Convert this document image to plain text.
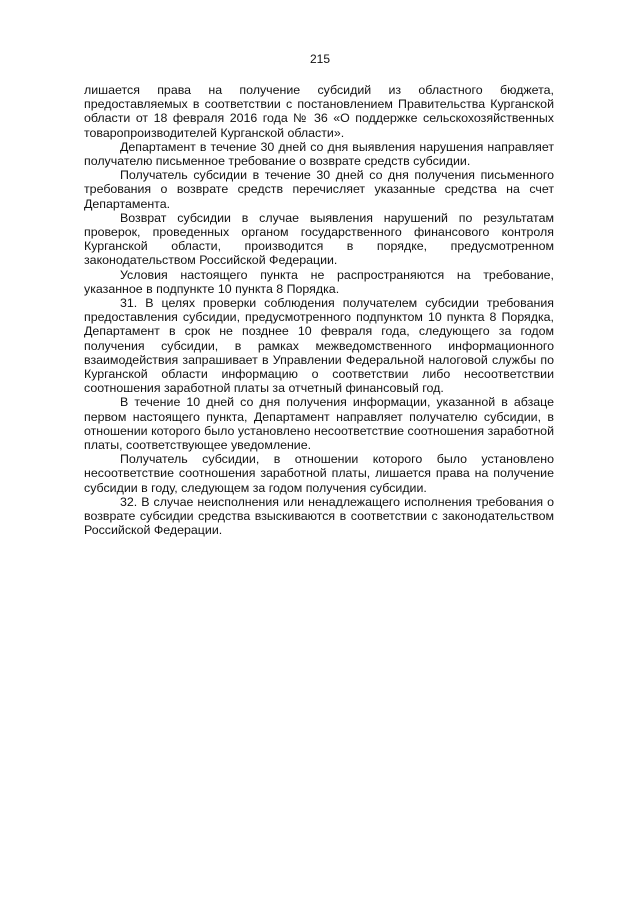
215

лишается права на получение субсидий из областного бюджета, предоставляемых в соответствии с постановлением Правительства Курганской области от 18 февраля 2016 года № 36 «О поддержке сельскохозяйственных товаропроизводителей Курганской области».

Департамент в течение 30 дней со дня выявления нарушения направляет получателю письменное требование о возврате средств субсидии.

Получатель субсидии в течение 30 дней со дня получения письменного требования о возврате средств перечисляет указанные средства на счет Департамента.

Возврат субсидии в случае выявления нарушений по результатам проверок, проведенных органом государственного финансового контроля Курганской области, производится в порядке, предусмотренном законодательством Российской Федерации.

Условия настоящего пункта не распространяются на требование, указанное в подпункте 10 пункта 8 Порядка.

31. В целях проверки соблюдения получателем субсидии требования предоставления субсидии, предусмотренного подпунктом 10 пункта 8 Порядка, Департамент в срок не позднее 10 февраля года, следующего за годом получения субсидии, в рамках межведомственного информационного взаимодействия запрашивает в Управлении Федеральной налоговой службы по Курганской области информацию о соответствии либо несоответствии соотношения заработной платы за отчетный финансовый год.

В течение 10 дней со дня получения информации, указанной в абзаце первом настоящего пункта, Департамент направляет получателю субсидии, в отношении которого было установлено несоответствие соотношения заработной платы, соответствующее уведомление.

Получатель субсидии, в отношении которого было установлено несоответствие соотношения заработной платы, лишается права на получение субсидии в году, следующем за годом получения субсидии.

32. В случае неисполнения или ненадлежащего исполнения требования о возврате субсидии средства взыскиваются в соответствии с законодательством Российской Федерации.
